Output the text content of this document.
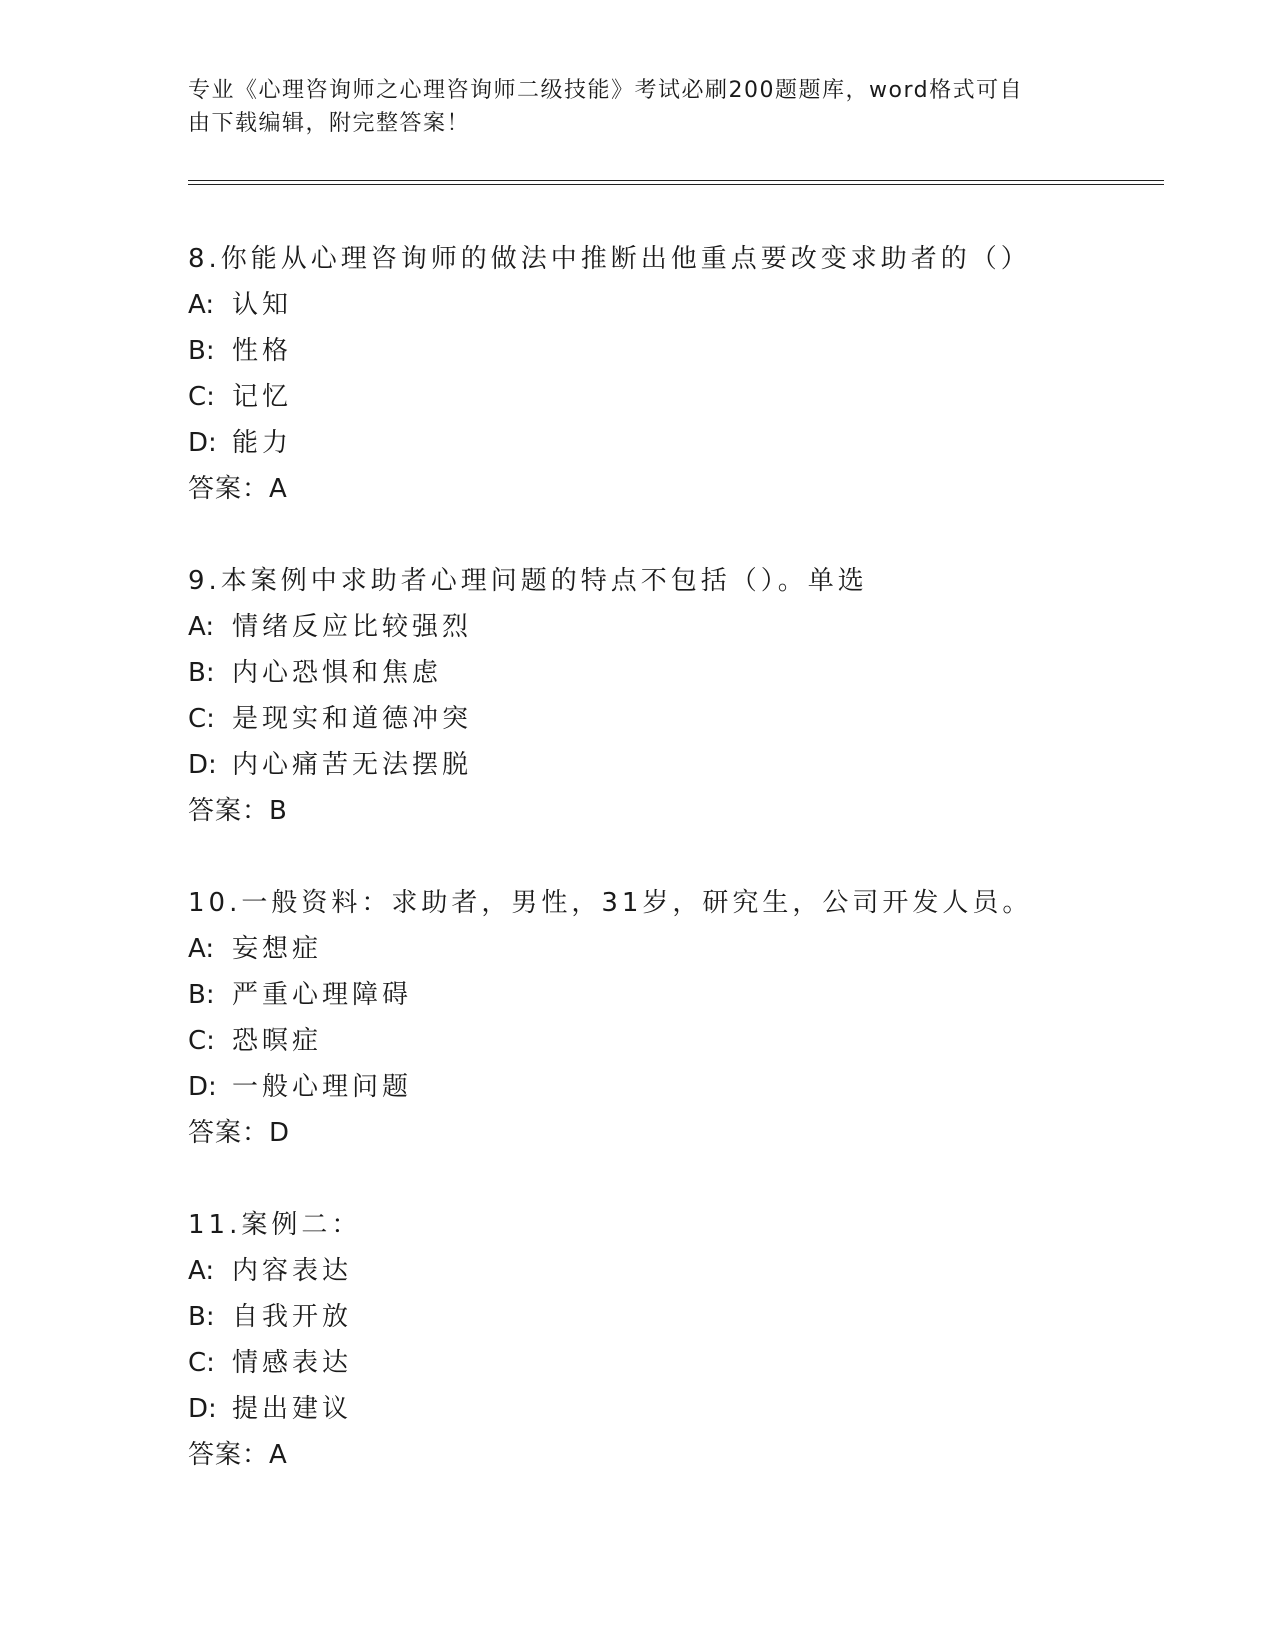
专业《心理咨询师之心理咨询师二级技能》考试必刷200题题库，word格式可自
由下载编辑，附完整答案！
8.你能从心理咨询师的做法中推断出他重点要改变求助者的（）
A: 认知
B: 性格
C: 记忆
D: 能力
答案：A
9.本案例中求助者心理问题的特点不包括（）。单选
A: 情绪反应比较强烈
B: 内心恐惧和焦虑
C: 是现实和道德冲突
D: 内心痛苦无法摆脱
答案：B
10.一般资料：求助者，男性，31岁，研究生，公司开发人员。
A: 妄想症
B: 严重心理障碍
C: 恐暝症
D: 一般心理问题
答案：D
11.案例二：
A: 内容表达
B: 自我开放
C: 情感表达
D: 提出建议
答案：A
